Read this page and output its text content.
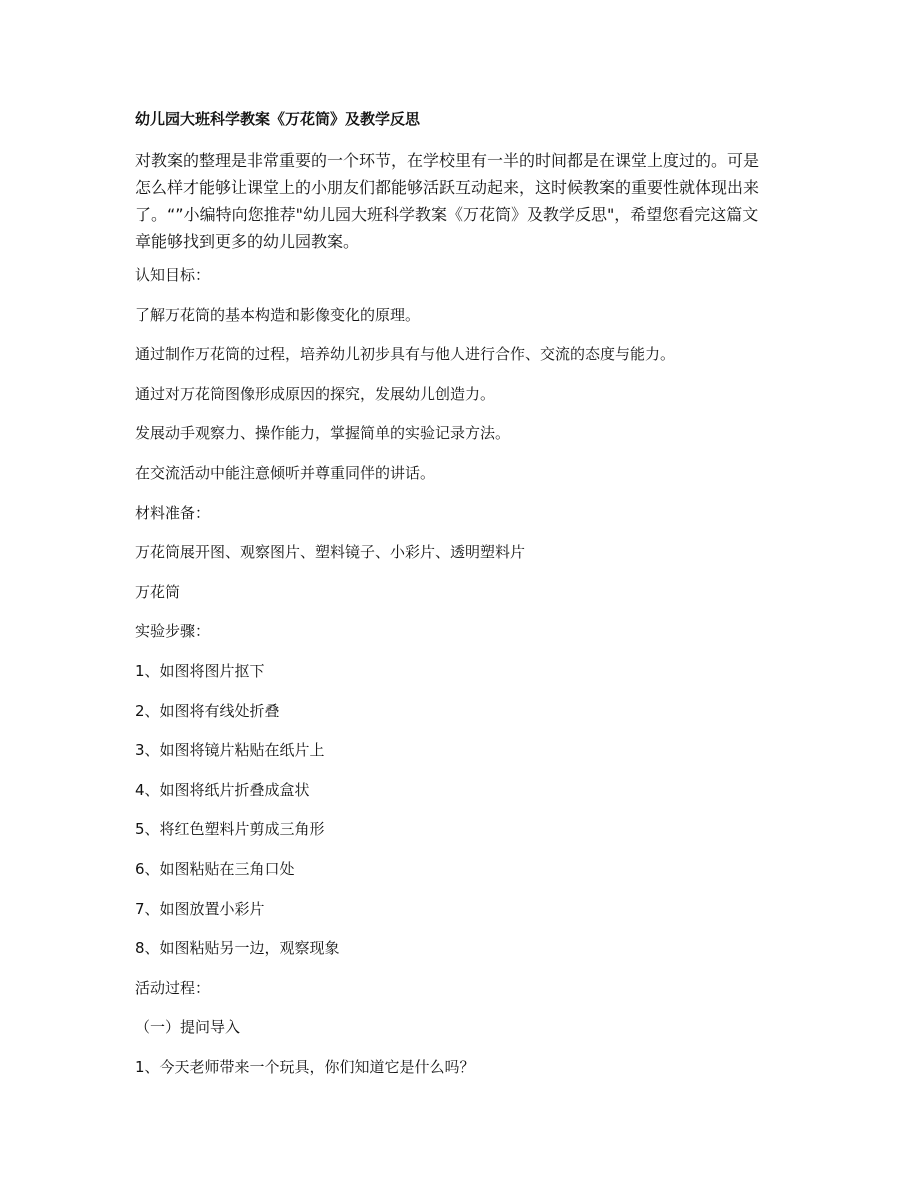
幼儿园大班科学教案《万花筒》及教学反思

对教案的整理是非常重要的一个环节，在学校里有一半的时间都是在课堂上度过的。可是
怎么样才能够让课堂上的小朋友们都能够活跃互动起来，这时候教案的重要性就体现出来
了。“”小编特向您推荐"幼儿园大班科学教案《万花筒》及教学反思"，希望您看完这篇文
章能够找到更多的幼儿园教案。

认知目标：

了解万花筒的基本构造和影像变化的原理。

通过制作万花筒的过程，培养幼儿初步具有与他人进行合作、交流的态度与能力。

通过对万花筒图像形成原因的探究，发展幼儿创造力。

发展动手观察力、操作能力，掌握简单的实验记录方法。

在交流活动中能注意倾听并尊重同伴的讲话。

材料准备：

万花筒展开图、观察图片、塑料镜子、小彩片、透明塑料片

万花筒

实验步骤：

1、如图将图片抠下

2、如图将有线处折叠

3、如图将镜片粘贴在纸片上

4、如图将纸片折叠成盒状

5、将红色塑料片剪成三角形

6、如图粘贴在三角口处

7、如图放置小彩片

8、如图粘贴另一边，观察现象

活动过程：

（一）提问导入

1、今天老师带来一个玩具，你们知道它是什么吗？
